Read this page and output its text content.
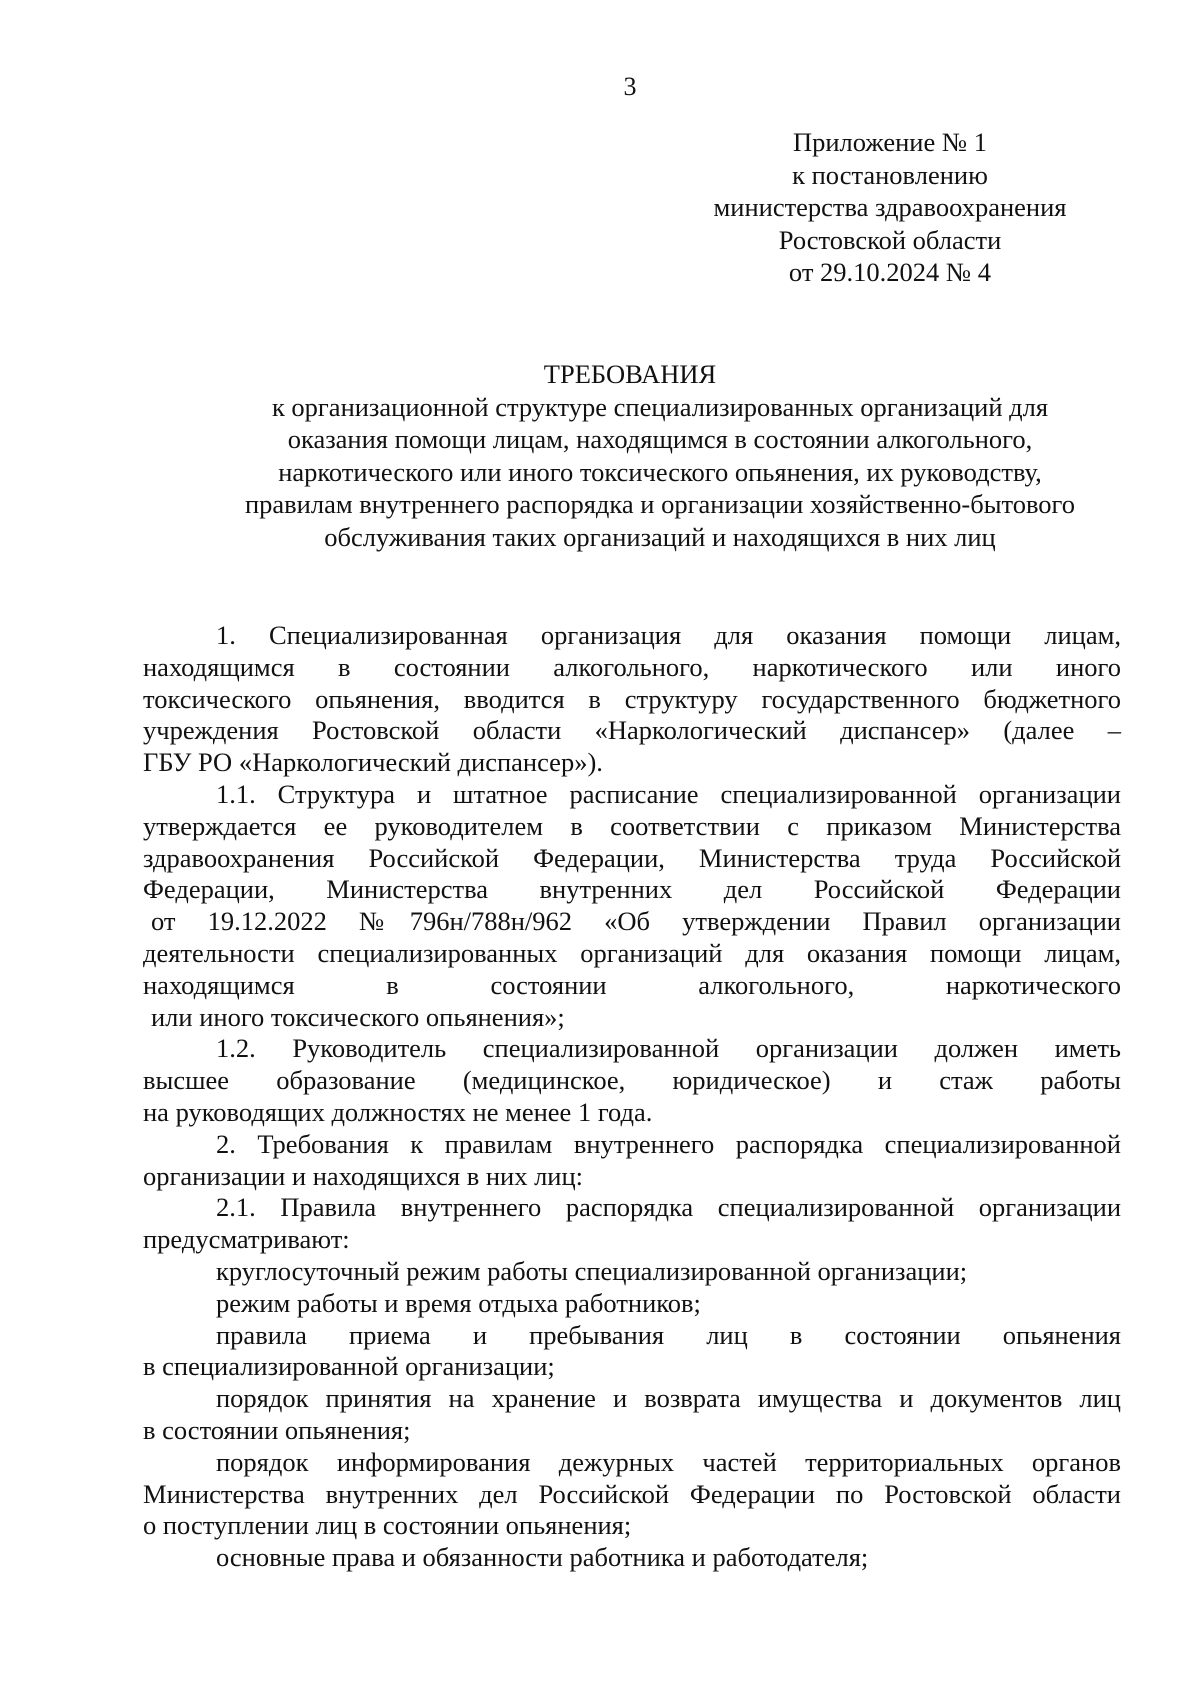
3
Приложение № 1
к постановлению
министерства здравоохранения
Ростовской области
от 29.10.2024 № 4
ТРЕБОВАНИЯ
к организационной структуре специализированных организаций для
оказания помощи лицам, находящимся в состоянии алкогольного,
наркотического или иного токсического опьянения, их руководству,
правилам внутреннего распорядка и организации хозяйственно-бытового
обслуживания таких организаций и находящихся в них лиц
1. Специализированная организация для оказания помощи лицам,
находящимся в состоянии алкогольного, наркотического или иного
токсического опьянения, вводится в структуру государственного бюджетного
учреждения Ростовской области «Наркологический диспансер» (далее –
ГБУ РО «Наркологический диспансер»).
1.1. Структура и штатное расписание специализированной организации
утверждается ее руководителем в соответствии с приказом Министерства
здравоохранения Российской Федерации, Министерства труда Российской
Федерации, Министерства внутренних дел Российской Федерации
от 19.12.2022 №796н/788н/962 «Об утверждении Правил организации
деятельности специализированных организаций для оказания помощи лицам,
находящимся в состоянии алкогольного, наркотического
или иного токсического опьянения»;
1.2. Руководитель специализированной организации должен иметь
высшее образование (медицинское, юридическое) и стаж работы
на руководящих должностях не менее 1 года.
2. Требования к правилам внутреннего распорядка специализированной
организации и находящихся в них лиц:
2.1. Правила внутреннего распорядка специализированной организации
предусматривают:
круглосуточный режим работы специализированной организации;
режим работы и время отдыха работников;
правила приема и пребывания лиц в состоянии опьянения
в специализированной организации;
порядок принятия на хранение и возврата имущества и документов лиц
в состоянии опьянения;
порядок информирования дежурных частей территориальных органов
Министерства внутренних дел Российской Федерации по Ростовской области
о поступлении лиц в состоянии опьянения;
основные права и обязанности работника и работодателя;
